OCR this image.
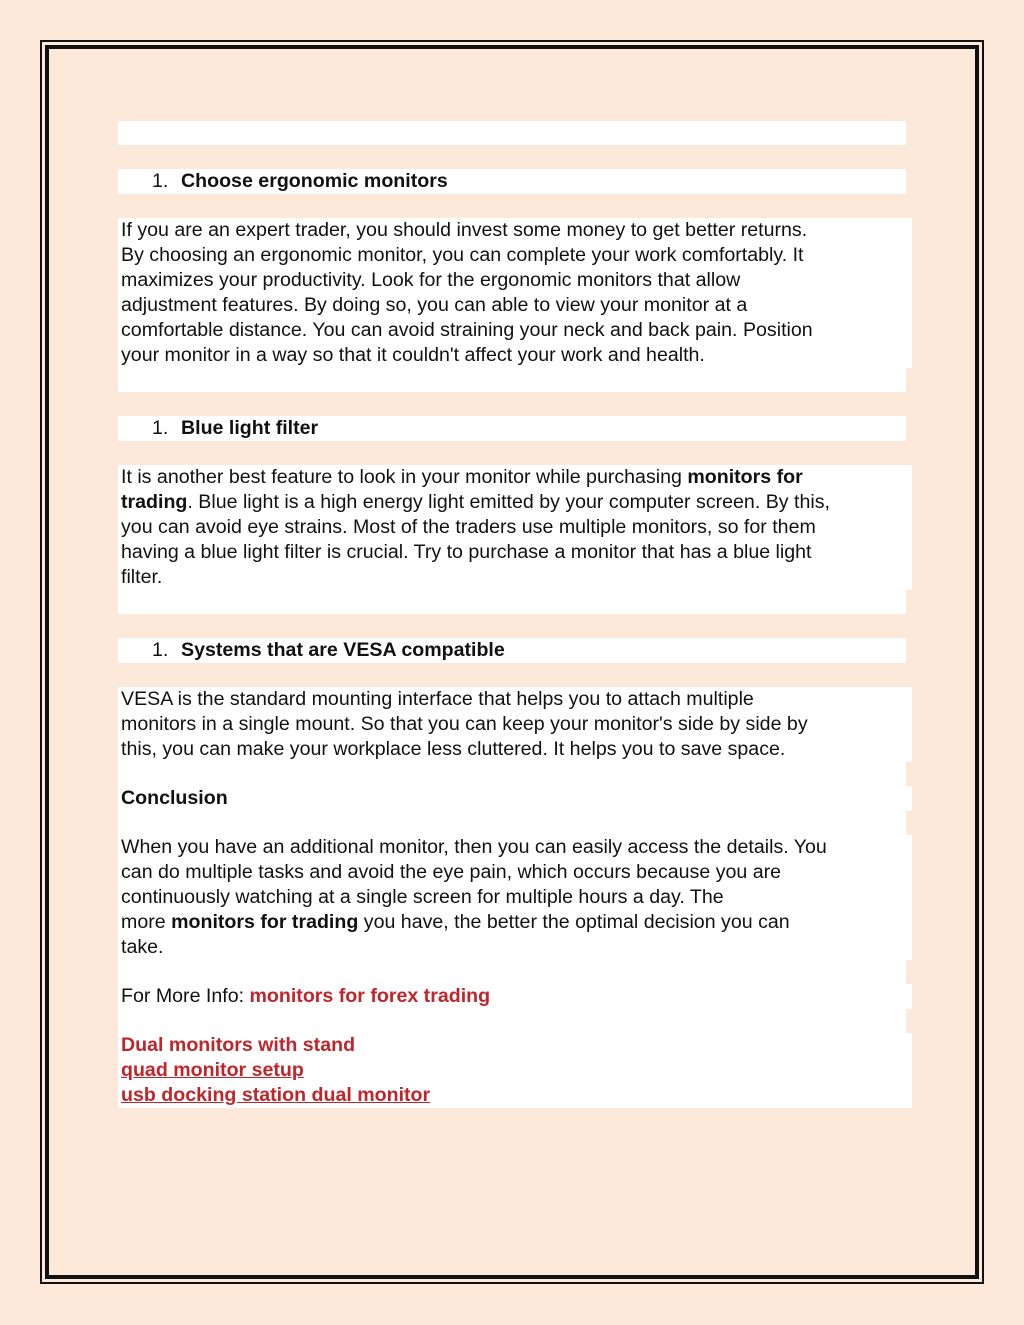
1. Choose ergonomic monitors
If you are an expert trader, you should invest some money to get better returns.
By choosing an ergonomic monitor, you can complete your work comfortably. It
maximizes your productivity. Look for the ergonomic monitors that allow
adjustment features. By doing so, you can able to view your monitor at a
comfortable distance. You can avoid straining your neck and back pain. Position
your monitor in a way so that it couldn't affect your work and health.
1. Blue light filter
It is another best feature to look in your monitor while purchasing monitors for
trading. Blue light is a high energy light emitted by your computer screen. By this,
you can avoid eye strains. Most of the traders use multiple monitors, so for them
having a blue light filter is crucial. Try to purchase a monitor that has a blue light
filter.
1. Systems that are VESA compatible
VESA is the standard mounting interface that helps you to attach multiple
monitors in a single mount. So that you can keep your monitor's side by side by
this, you can make your workplace less cluttered. It helps you to save space.
Conclusion
When you have an additional monitor, then you can easily access the details. You
can do multiple tasks and avoid the eye pain, which occurs because you are
continuously watching at a single screen for multiple hours a day. The
more monitors for trading you have, the better the optimal decision you can
take.
For More Info: monitors for forex trading
Dual monitors with stand
quad monitor setup
usb docking station dual monitor
